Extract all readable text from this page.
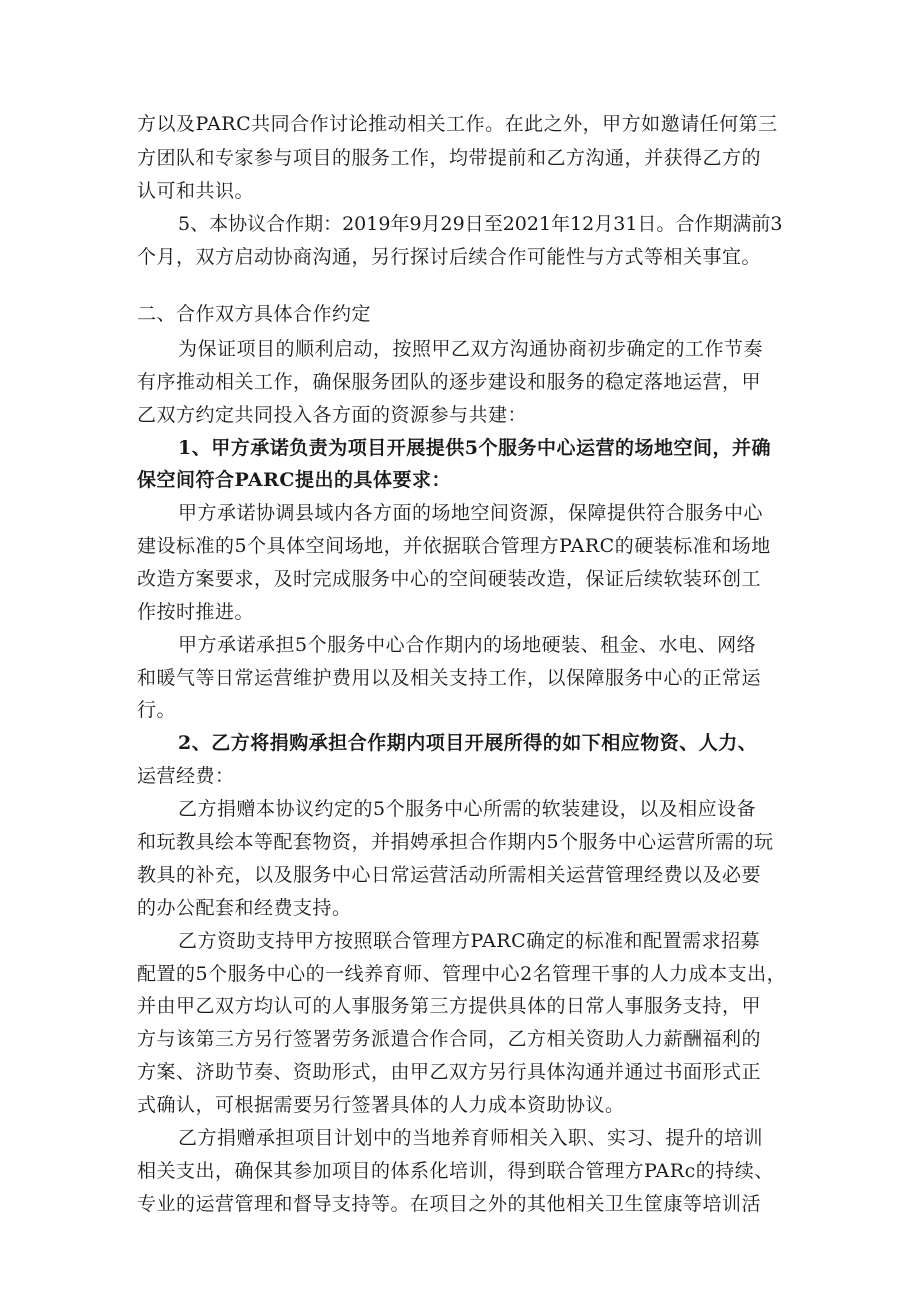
方以及PARC共同合作讨论推动相关工作。在此之外，甲方如邀请任何第三
方团队和专家参与项目的服务工作，均带提前和乙方沟通，并获得乙方的
认可和共识。
5、本协议合作期：2019年9月29日至2021年12月31日。合作期满前3
个月，双方启动协商沟通，另行探讨后续合作可能性与方式等相关事宜。
二、合作双方具体合作约定
为保证项目的顺利启动，按照甲乙双方沟通协商初步确定的工作节奏
有序推动相关工作，确保服务团队的逐步建设和服务的稳定落地运营，甲
乙双方约定共同投入各方面的资源参与共建：
1、甲方承诺负责为项目开展提供5个服务中心运营的场地空间，并确
保空间符合PARC提出的具体要求：
甲方承诺协调县域内各方面的场地空间资源，保障提供符合服务中心
建设标准的5个具体空间场地，并依据联合管理方PARC的硬装标准和场地
改造方案要求，及时完成服务中心的空间硬装改造，保证后续软装环创工
作按时推进。
甲方承诺承担5个服务中心合作期内的场地硬装、租金、水电、网络
和暖气等日常运营维护费用以及相关支持工作，以保障服务中心的正常运
行。
2、乙方将捐购承担合作期内项目开展所得的如下相应物资、人力、
运营经费：
乙方捐赠本协议约定的5个服务中心所需的软装建设，以及相应设备
和玩教具绘本等配套物资，并捐娉承担合作期内5个服务中心运营所需的玩
教具的补充，以及服务中心日常运营活动所需相关运营管理经费以及必要
的办公配套和经费支持。
乙方资助支持甲方按照联合管理方PARC确定的标准和配置需求招募
配置的5个服务中心的一线养育师、管理中心2名管理干事的人力成本支出，
并由甲乙双方均认可的人事服务第三方提供具体的日常人事服务支持，甲
方与该第三方另行签署劳务派遣合作合同，乙方相关资助人力薪酬福利的
方案、济助节奏、资助形式，由甲乙双方另行具体沟通并通过书面形式正
式确认，可根据需要另行签署具体的人力成本资助协议。
乙方捐赠承担项目计划中的当地养育师相关入职、实习、提升的培训
相关支出，确保其参加项目的体系化培训，得到联合管理方PARc的持续、
专业的运营管理和督导支持等。在项目之外的其他相关卫生筐康等培训活
